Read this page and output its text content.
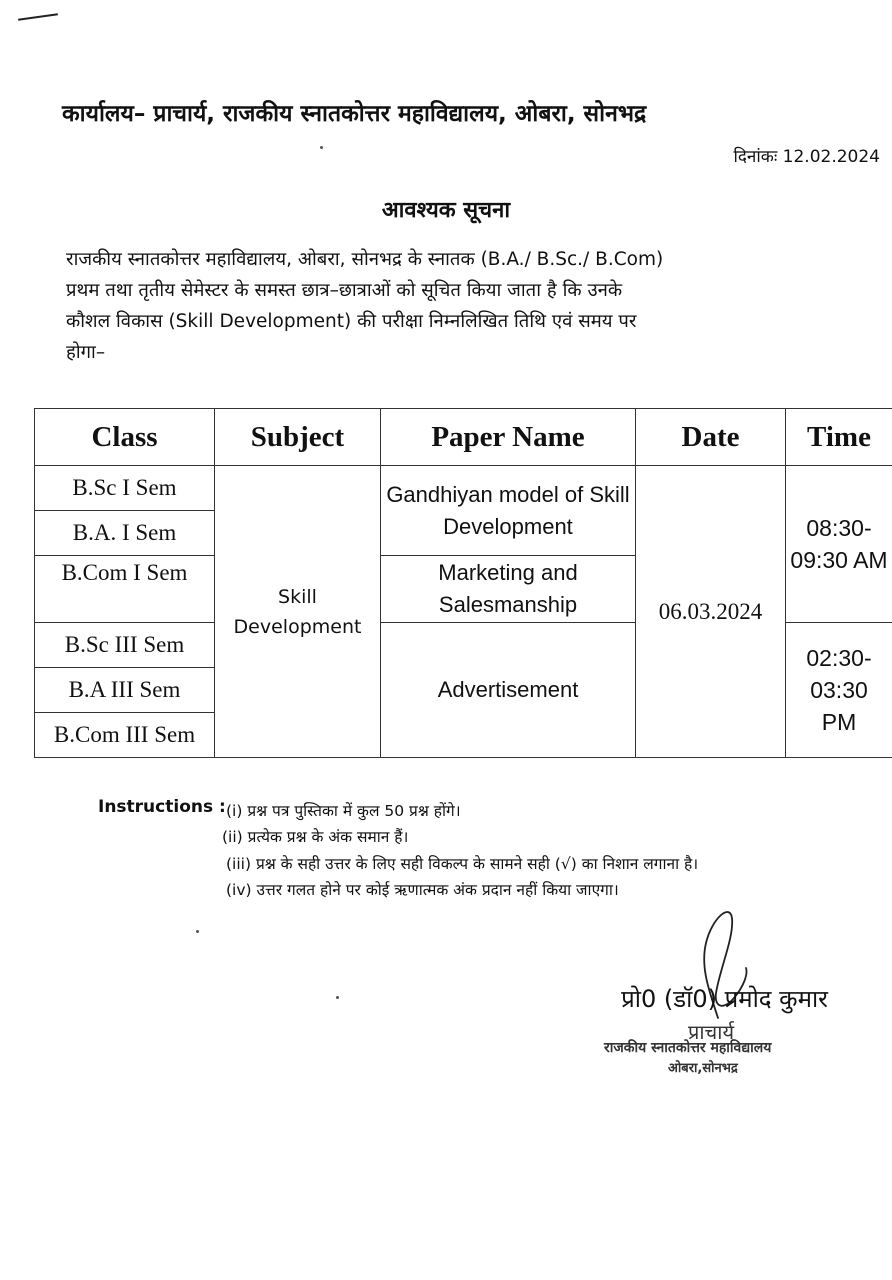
कार्यालय– प्राचार्य, राजकीय स्नातकोत्तर महाविद्यालय, ओबरा, सोनभद्र
दिनांकः 12.02.2024
आवश्यक सूचना
राजकीय स्नातकोत्तर महाविद्यालय, ओबरा, सोनभद्र के स्नातक (B.A./ B.Sc./ B.Com)
प्रथम तथा तृतीय सेमेस्टर के समस्त छात्र–छात्राओं को सूचित किया जाता है कि उनके
कौशल विकास (Skill Development) की परीक्षा निम्नलिखित तिथि एवं समय पर
होगा–
Class	Subject	Paper Name	Date	Time
B.Sc I Sem	Skill Development	Gandhiyan model of Skill Development	06.03.2024	08:30-09:30 AM
B.A. I Sem				
B.Com I Sem		Marketing and Salesmanship		
B.Sc III Sem		Advertisement		02:30-03:30 PM
B.A III Sem				
B.Com III Sem				
Instructions : (i) प्रश्न पत्र पुस्तिका में कुल 50 प्रश्न होंगे।
(ii) प्रत्येक प्रश्न के अंक समान हैं।
(iii) प्रश्न के सही उत्तर के लिए सही विकल्प के सामने सही (√) का निशान लगाना है।
(iv) उत्तर गलत होने पर कोई ऋणात्मक अंक प्रदान नहीं किया जाएगा।
प्रो0 (डॉ0) प्रमोद कुमार
प्राचार्य
राजकीय स्नातकोत्तर महाविद्यालय
ओबरा,सोनभद्र
